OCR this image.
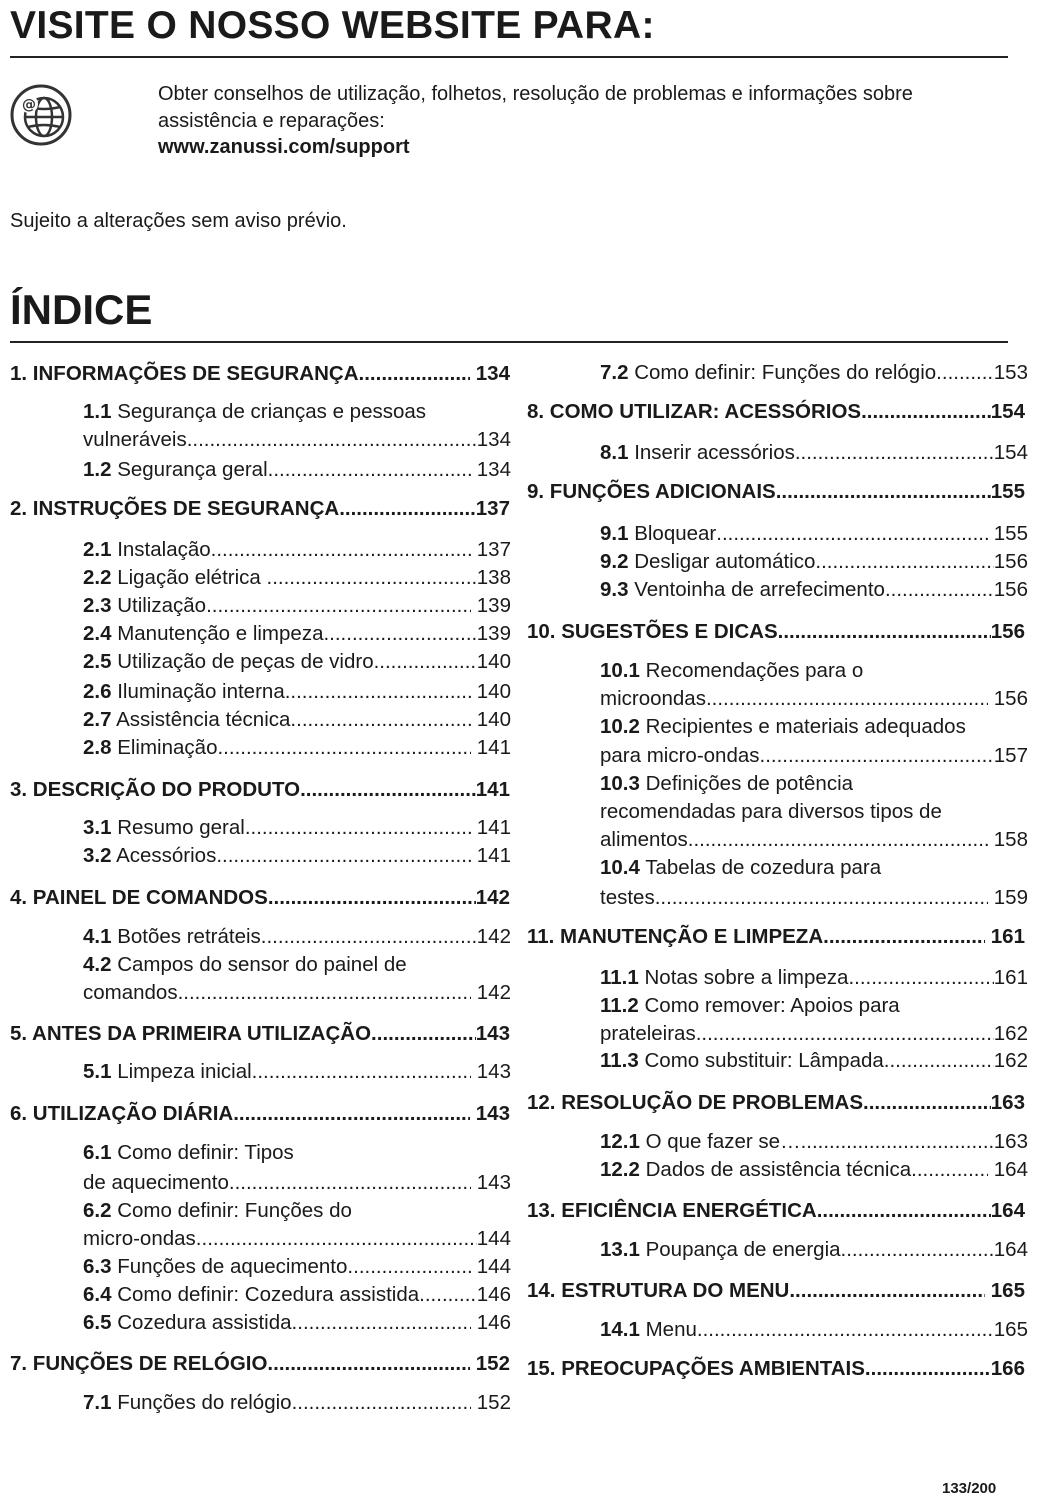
VISITE O NOSSO WEBSITE PARA:
@	Obter conselhos de utilização, folhetos, resolução de problemas e informações sobre
assistência e reparações:
www.zanussi.com/support
Sujeito a alterações sem aviso prévio.
ÍNDICE
1. INFORMAÇÕES DE SEGURANÇA .....	134
1.1 Segurança de crianças e pessoas
vulneráveis .....	134
1.2 Segurança geral .....	134
2. INSTRUÇÕES DE SEGURANÇA .....	137
2.1 Instalação .....	137
2.2 Ligação elétrica .....	138
2.3 Utilização .....	139
2.4 Manutenção e limpeza .....	139
2.5 Utilização de peças de vidro .....	140
2.6 Iluminação interna .....	140
2.7 Assistência técnica .....	140
2.8 Eliminação .....	141
3. DESCRIÇÃO DO PRODUTO .....	141
3.1 Resumo geral .....	141
3.2 Acessórios .....	141
4. PAINEL DE COMANDOS .....	142
4.1 Botões retráteis .....	142
4.2 Campos do sensor do painel de
comandos .....	142
5. ANTES DA PRIMEIRA UTILIZAÇÃO .....	143
5.1 Limpeza inicial .....	143
6. UTILIZAÇÃO DIÁRIA .....	143
6.1 Como definir: Tipos
de aquecimento .....	143
6.2 Como definir: Funções do
micro-ondas .....	144
6.3 Funções de aquecimento .....	144
6.4 Como definir: Cozedura assistida .....	146
6.5 Cozedura assistida .....	146
7. FUNÇÕES DE RELÓGIO .....	152
7.1 Funções do relógio .....	152
7.2 Como definir: Funções do relógio .....	153
8. COMO UTILIZAR: ACESSÓRIOS .....	154
8.1 Inserir acessórios .....	154
9. FUNÇÕES ADICIONAIS .....	155
9.1 Bloquear .....	155
9.2 Desligar automático .....	156
9.3 Ventoinha de arrefecimento .....	156
10. SUGESTÕES E DICAS .....	156
10.1 Recomendações para o
microondas .....	156
10.2 Recipientes e materiais adequados
para micro-ondas .....	157
10.3 Definições de potência
recomendadas para diversos tipos de
alimentos .....	158
10.4 Tabelas de cozedura para
testes .....	159
11. MANUTENÇÃO E LIMPEZA .....	161
11.1 Notas sobre a limpeza .....	161
11.2 Como remover: Apoios para
prateleiras .....	162
11.3 Como substituir: Lâmpada .....	162
12. RESOLUÇÃO DE PROBLEMAS .....	163
12.1 O que fazer se… .....	163
12.2 Dados de assistência técnica .....	164
13. EFICIÊNCIA ENERGÉTICA .....	164
13.1 Poupança de energia .....	164
14. ESTRUTURA DO MENU .....	165
14.1 Menu .....	165
15. PREOCUPAÇÕES AMBIENTAIS .....	166
133/200
